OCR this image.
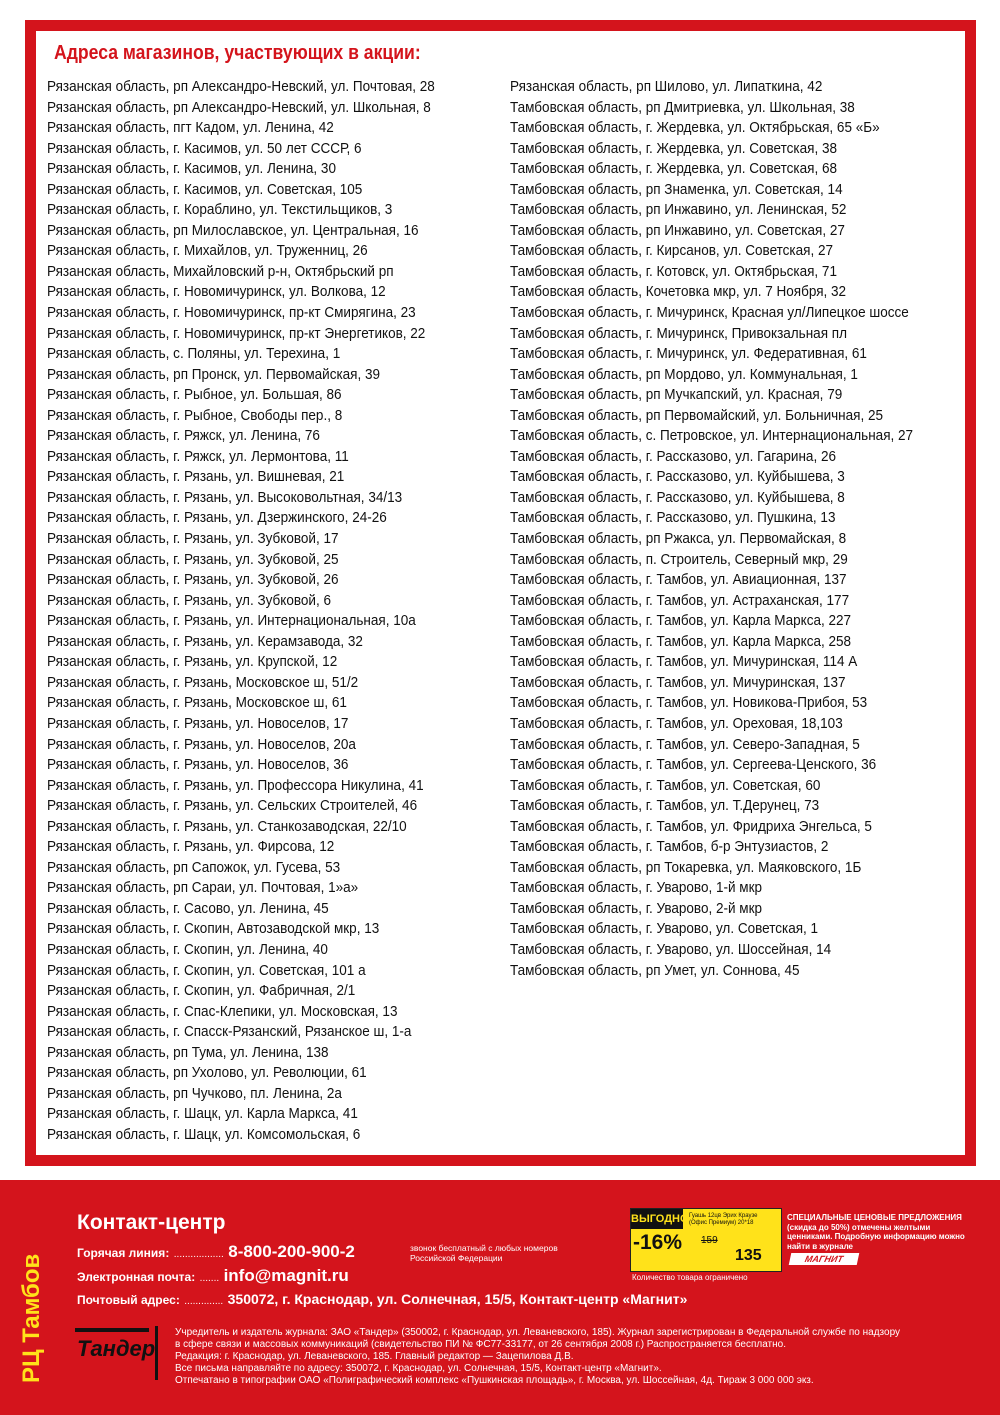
Адреса магазинов, участвующих в акции:
Рязанская область, рп Александро-Невский, ул. Почтовая, 28
Рязанская область, рп Александро-Невский, ул. Школьная, 8
Рязанская область, пгт Кадом, ул. Ленина, 42
Рязанская область, г. Касимов, ул. 50 лет СССР, 6
Рязанская область, г. Касимов, ул. Ленина, 30
Рязанская область, г. Касимов, ул. Советская, 105
Рязанская область, г. Кораблино, ул. Текстильщиков, 3
Рязанская область, рп Милославское, ул. Центральная, 16
Рязанская область, г. Михайлов, ул. Труженниц, 26
Рязанская область, Михайловский р-н, Октябрьский рп
Рязанская область, г. Новомичуринск, ул. Волкова, 12
Рязанская область, г. Новомичуринск, пр-кт Смирягина, 23
Рязанская область, г. Новомичуринск, пр-кт Энергетиков, 22
Рязанская область, с. Поляны, ул. Терехина, 1
Рязанская область, рп Пронск, ул. Первомайская, 39
Рязанская область, г. Рыбное, ул. Большая, 86
Рязанская область, г. Рыбное, Свободы пер., 8
Рязанская область, г. Ряжск, ул. Ленина, 76
Рязанская область, г. Ряжск, ул. Лермонтова, 11
Рязанская область, г. Рязань, ул. Вишневая, 21
Рязанская область, г. Рязань, ул. Высоковольтная, 34/13
Рязанская область, г. Рязань, ул. Дзержинского, 24-26
Рязанская область, г. Рязань, ул. Зубковой, 17
Рязанская область, г. Рязань, ул. Зубковой, 25
Рязанская область, г. Рязань, ул. Зубковой, 26
Рязанская область, г. Рязань, ул. Зубковой, 6
Рязанская область, г. Рязань, ул. Интернациональная, 10а
Рязанская область, г. Рязань, ул. Керамзавода, 32
Рязанская область, г. Рязань, ул. Крупской, 12
Рязанская область, г. Рязань, Московское ш, 51/2
Рязанская область, г. Рязань, Московское ш, 61
Рязанская область, г. Рязань, ул. Новоселов, 17
Рязанская область, г. Рязань, ул. Новоселов, 20а
Рязанская область, г. Рязань, ул. Новоселов, 36
Рязанская область, г. Рязань, ул. Профессора Никулина, 41
Рязанская область, г. Рязань, ул. Сельских Строителей, 46
Рязанская область, г. Рязань, ул. Станкозаводская, 22/10
Рязанская область, г. Рязань, ул. Фирсова, 12
Рязанская область, рп Сапожок, ул. Гусева, 53
Рязанская область, рп Сараи, ул. Почтовая, 1»а»
Рязанская область, г. Сасово, ул. Ленина, 45
Рязанская область, г. Скопин, Автозаводской мкр, 13
Рязанская область, г. Скопин, ул. Ленина, 40
Рязанская область, г. Скопин, ул. Советская, 101 а
Рязанская область, г. Скопин, ул. Фабричная, 2/1
Рязанская область, г. Спас-Клепики, ул. Московская, 13
Рязанская область, г. Спасск-Рязанский, Рязанское ш, 1-а
Рязанская область, рп Тума, ул. Ленина, 138
Рязанская область, рп Ухолово, ул. Революции, 61
Рязанская область, рп Чучково, пл. Ленина, 2а
Рязанская область, г. Шацк, ул. Карла Маркса, 41
Рязанская область, г. Шацк, ул. Комсомольская, 6
Рязанская область, рп Шилово, ул. Липаткина, 42
Тамбовская область, рп Дмитриевка, ул. Школьная, 38
Тамбовская область, г. Жердевка, ул. Октябрьская, 65 «Б»
Тамбовская область, г. Жердевка, ул. Советская, 38
Тамбовская область, г. Жердевка, ул. Советская, 68
Тамбовская область, рп Знаменка, ул. Советская, 14
Тамбовская область, рп Инжавино, ул. Ленинская, 52
Тамбовская область, рп Инжавино, ул. Советская, 27
Тамбовская область, г. Кирсанов, ул. Советская, 27
Тамбовская область, г. Котовск, ул. Октябрьская, 71
Тамбовская область, Кочетовка мкр, ул. 7 Ноября, 32
Тамбовская область, г. Мичуринск, Красная ул/Липецкое шоссе
Тамбовская область, г. Мичуринск, Привокзальная пл
Тамбовская область, г. Мичуринск, ул. Федеративная, 61
Тамбовская область, рп Мордово, ул. Коммунальная, 1
Тамбовская область, рп Мучкапский, ул. Красная, 79
Тамбовская область, рп Первомайский, ул. Больничная, 25
Тамбовская область, с. Петровское, ул. Интернациональная, 27
Тамбовская область, г. Рассказово, ул. Гагарина, 26
Тамбовская область, г. Рассказово, ул. Куйбышева, 3
Тамбовская область, г. Рассказово, ул. Куйбышева, 8
Тамбовская область, г. Рассказово, ул. Пушкина, 13
Тамбовская область, рп Ржакса, ул. Первомайская, 8
Тамбовская область, п. Строитель, Северный мкр, 29
Тамбовская область, г. Тамбов, ул. Авиационная, 137
Тамбовская область, г. Тамбов, ул. Астраханская, 177
Тамбовская область, г. Тамбов, ул. Карла Маркса, 227
Тамбовская область, г. Тамбов, ул. Карла Маркса, 258
Тамбовская область, г. Тамбов, ул. Мичуринская, 114 А
Тамбовская область, г. Тамбов, ул. Мичуринская, 137
Тамбовская область, г. Тамбов, ул. Новикова-Прибоя, 53
Тамбовская область, г. Тамбов, ул. Ореховая, 18,103
Тамбовская область, г. Тамбов, ул. Северо-Западная, 5
Тамбовская область, г. Тамбов, ул. Сергеева-Ценского, 36
Тамбовская область, г. Тамбов, ул. Советская, 60
Тамбовская область, г. Тамбов, ул. Т.Дерунец, 73
Тамбовская область, г. Тамбов, ул. Фридриха Энгельса, 5
Тамбовская область, г. Тамбов, б-р Энтузиастов, 2
Тамбовская область, рп Токаревка, ул. Маяковского, 1Б
Тамбовская область, г. Уварово, 1-й мкр
Тамбовская область, г. Уварово, 2-й мкр
Тамбовская область, г. Уварово, ул. Советская, 1
Тамбовская область, г. Уварово, ул. Шоссейная, 14
Тамбовская область, рп Умет, ул. Соннова, 45
РЦ Тамбов
Контакт-центр
Горячая линия: .................. 8-800-200-900-2	звонок бесплатный с любых номеров Российской Федерации
Электронная почта: ....... info@magnit.ru
Почтовый адрес: .............. 350072, г. Краснодар, ул. Солнечная, 15/5, Контакт-центр «Магнит»
ВЫГОДНО Гуашь 12цв Эрих Краузе (Офис Премиум) 20*18
-16% 159
135
Количество товара ограничено
СПЕЦИАЛЬНЫЕ ЦЕНОВЫЕ ПРЕДЛОЖЕНИЯ (скидка до 50%) отмечены желтыми ценниками. Подробную информацию можно найти в журнале
МАГНИТ
Тандер
Учредитель и издатель журнала: ЗАО «Тандер» (350002, г. Краснодар, ул. Леваневского, 185). Журнал зарегистрирован в Федеральной службе по надзору
в сфере связи и массовых коммуникаций (свидетельство ПИ № ФС77-33177, от 26 сентября 2008 г.) Распространяется бесплатно.
Редакция: г. Краснодар, ул. Леваневского, 185. Главный редактор — Зацепилова Д.В.
Все письма направляйте по адресу: 350072, г. Краснодар, ул. Солнечная, 15/5, Контакт-центр «Магнит».
Отпечатано в типографии ОАО «Полиграфический комплекс «Пушкинская площадь», г. Москва, ул. Шоссейная, 4д. Тираж 3 000 000 экз.
